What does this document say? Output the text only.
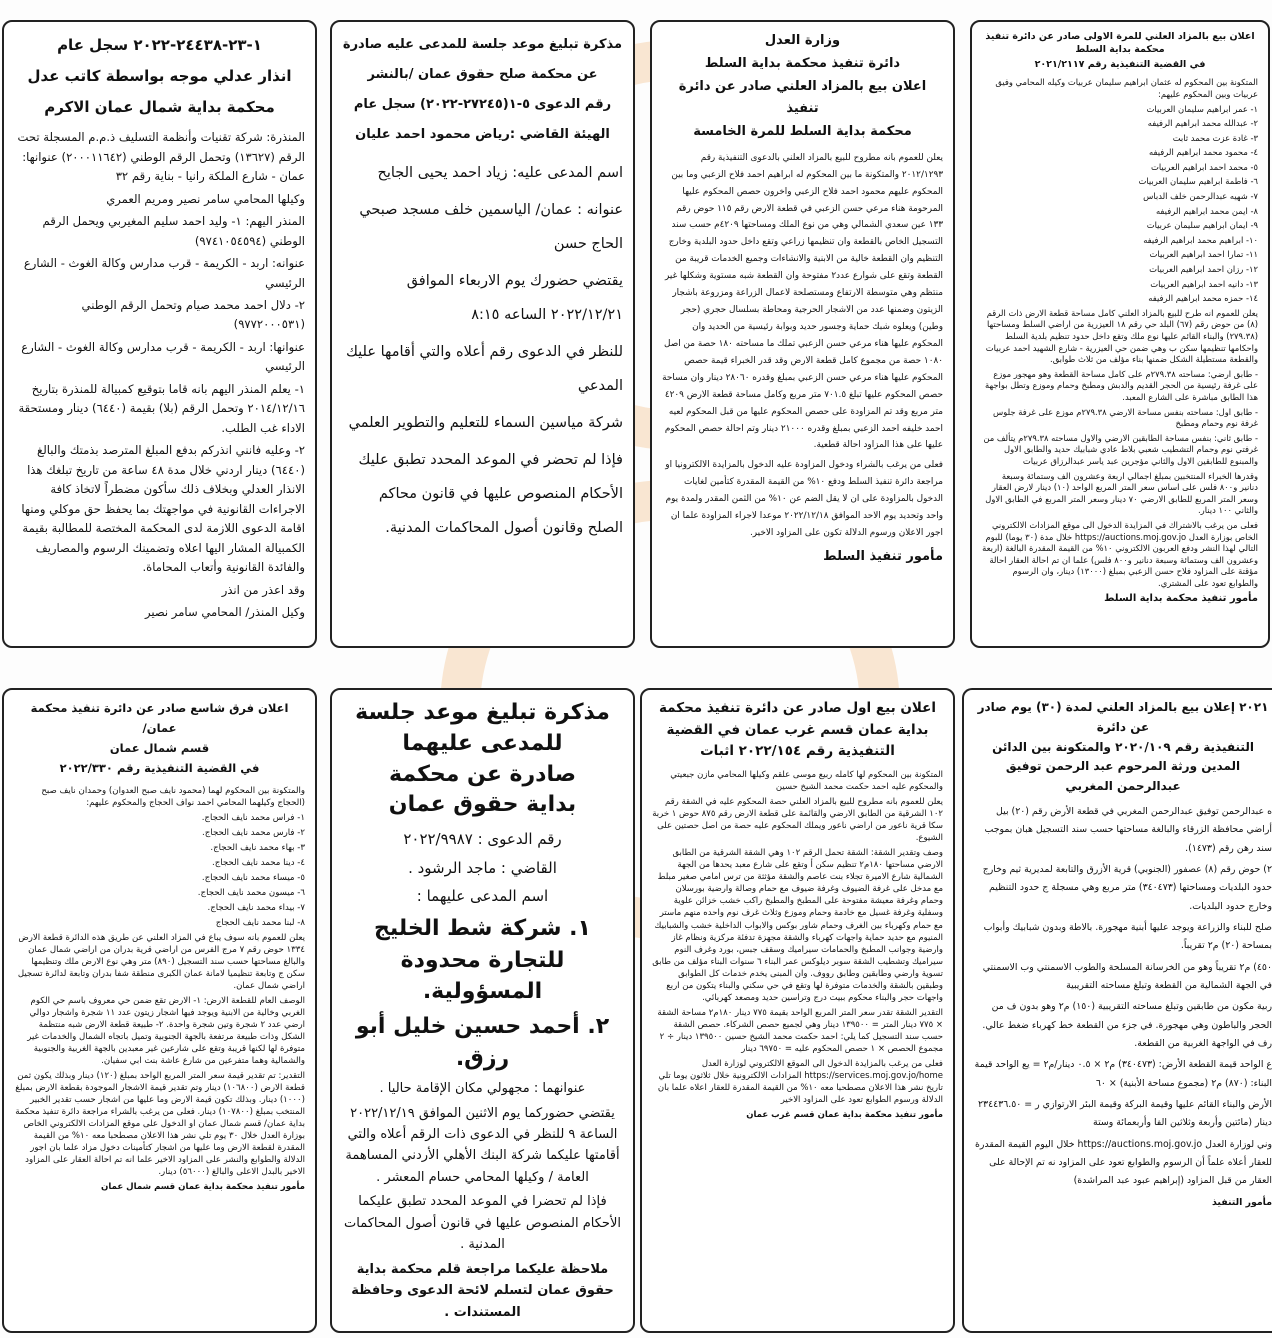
اعلان بيع بالمزاد العلني للمرة الاولى صادر عن دائرة تنفيذ محكمة بداية السلط
في القضية التنفيذية رقم ٢٠٢١/٢١١٧

المتكونة بين المحكوم له عثمان ابراهيم سليمان عربيات وكيله المحامي وفيق عربيات وبين المحكوم عليهم:

١- عمر ابراهيم سليمان العربيات
٢- عبدالله محمد ابراهيم الرفيفه
٣- غادة عزت محمد ثابت
٤- محمود محمد ابراهيم الرفيفه
٥- محمد احمد ابراهيم العربيات
٦- فاطمة ابراهيم سليمان العربيات
٧- شهيه عبدالرحمن خلف الدباس
٨- ايمن محمد ابراهيم الرفيفه
٩- ايمان ابراهيم سليمان عربيات
١٠- ابراهيم محمد ابراهيم الرفيفه
١١- تمارا احمد ابراهيم العربيات
١٢- رزان احمد ابراهيم العربيات
١٣- دانيه احمد ابراهيم العربيات
١٤- حمزه محمد ابراهيم الرفيفه

يعلن للعموم انه طرح للبيع بالمزاد العلني كامل مساحة قطعة الارض ذات الرقم (٨) من حوض رقم (٦٧) البلد حي رقم ١٨ العيزرية من اراضي السلط ومساحتها (٢٧٩.٣٨) والبناء القائم عليها نوع ملك وتقع داخل حدود تنظيم بلدية السلط واحكامها تنظيمها سكن ب وهي ضمن حي العيزرية - شارع الشهيد احمد عربيات والقطعة مستطيلة الشكل ضمنها بناء مؤلف من ثلاث طوابق.

- طابق ارضي: مساحته ٢٧٩.٣٨م على كامل مساحة القطعة وهو مهجور موزع على غرفة رئيسية من الحجر القديم والدبش ومطبخ وحمام وموزع وتطل بواجهة هذا الطابق مباشرة على الشارع المعبد.
- طابق اول: مساحته بنفس مساحة الارضي ٢٧٩.٣٨م موزع على غرفة جلوس غرفة نوم وحمام ومطبخ
- طابق ثاني: بنفس مساحة الطابقين الارضي والاول مساحته ٢٧٩.٣٨م يتألف من غرفتي نوم وحمام التشطيب شعبي بلاط عادي شبابيك حديد والطابق الاول والمبنوع للطابقين الاول والثاني مؤجرين عبد ياسر عبدالرزاق عربيات

وقدرها الخبراء المنتخبين بمبلغ اجمالي اربعة وعشرون الف وستمائة وسبعة دنانير و٨٠٠ فلس على اساس سعر المتر المربع الواحد (١٠) دينار لارض العقار وسعر المتر المربع للطابق الارضي ٧٠ دينار وسعر المتر المربع في الطابق الاول والثاني ١٠٠ دينار.

فعلى من يرغب بالاشتراك في المزايدة الدخول الى موقع المزادات الالكتروني الخاص بوزارة العدل https://auctions.moj.gov.jo خلال مدة (٣٠ يوما) للبوم التالي لهذا النشر ودفع العربون الالكتروني ١٠% من القيمة المقدرة البالغة (اربعة وعشرون الف وستمائة وسبعة دنانير و٨٠٠ فلس) علما ان تم احالة العقار احالة مؤقتة على المزاود فلاح حسن الزعبي بمبلغ (١٣٠٠٠) دينار، وان الرسوم والطوابع تعود على المشتري.

مأمور تنفيذ محكمة بداية السلط
وزارة العدل
دائرة تنفيذ محكمة بداية السلط
اعلان بيع بالمزاد العلني صادر عن دائرة تنفيذ
محكمة بداية السلط للمرة الخامسة

يعلن للعموم بانه مطروح للبيع بالمزاد العلني بالدعوى التنفيذية رقم ٢٠١٢/١٢٩٣ والمتكونة ما بين المحكوم له ابراهيم احمد فلاح الزعبي وما بين المحكوم عليهم محمود احمد فلاح الزعبي واخرون حصص المحكوم عليها المرحومة هناء مرعي حسن الزعبي في قطعة الارض رقم ١١٥ حوض رقم ١٣٣ عين سعدي الشمالي وهي من نوع الملك ومساحتها ٤٢٠٩م حسب سند التسجيل الخاص بالقطعة وان تنظيمها زراعي وتقع داخل حدود البلدية وخارج التنظيم وان القطعة خالية من الابنية والانشاءات وجميع الخدمات قريبة من القطعة وتقع على شوارع عدد٢ مفتوحة وان القطعة شبه مستوية وشكلها غير منتظم وهي متوسطة الارتفاع ومستصلحة لاعمال الزراعة ومزروعة باشجار الزيتون وضمنها عدد من الاشجار الحرجية ومحاطة بسلسال حجري (حجر وطين) ويعلوه شبك حماية وجسور حديد وبوابة رئيسية من الحديد وان المحكوم عليها هناء مرعي حسن الزعبي تملك ما مساحته ١٨٠ حصة من اصل ١٠٨٠ حصة من مجموع كامل قطعة الارض وقد قدر الخبراء قيمة حصص المحكوم عليها هناء مرعي حسن الزعبي بمبلغ وقدره ٢٨٠٦٠ دينار وان مساحة حصص المحكوم عليها تبلغ ٧٠١.٥ متر مربع وكامل مساحة قطعة الارض ٤٢٠٩ متر مربع وقد تم المزاودة على حصص المحكوم عليها من قبل المحكوم لعيه احمد خليفه احمد الزعبي بمبلغ وقدره ٢١٠٠٠ دينار وتم احالة حصص المحكوم عليها على هذا المزاود احالة قطعية.

فعلى من يرغب بالشراء ودخول المزاودة عليه الدخول بالمزايدة الالكترونيا او مراجعة دائرة تنفيذ السلط ودفع ١٠% من القيمة المقدرة كتأمين لغايات الدخول بالمزاودة على ان لا يقل الضم عن ١٠% من الثمن المقدر ولمدة يوم واحد وتحديد يوم الاحد الموافق ٢٠٢٢/١٢/١٨ موعدا لاجراء المزاودة علما ان اجور الاعلان ورسوم الدلالة تكون على المزاود الاخير.

مأمور تنفيذ السلط
مذكرة تبليغ موعد جلسة للمدعى عليه صادرة
عن محكمة صلح حقوق عمان /بالنشر
رقم الدعوى ٥-١(٢٧٢٤٥-٢٠٢٢) سجل عام
الهيئة القاضي :رياض محمود احمد عليان

اسم المدعى عليه: زياد احمد يحيى الجايح

عنوانه : عمان/ الياسمين خلف مسجد صبحي الحاج حسن

يقتضي حضورك يوم الاربعاء الموافق ٢٠٢٢/١٢/٢١ الساعه ٨:١٥

للنظر في الدعوى رقم أعلاه والتي أقامها عليك المدعي

شركة مياسين السماء للتعليم والتطوير العلمي

فإذا لم تحضر في الموعد المحدد تطبق عليك الأحكام المنصوص عليها في قانون محاكم الصلح وقانون أصول المحاكمات المدنية.

١-٢٣-٢٤٤٣٨-٢٠٢٢ سجل عام
انذار عدلي موجه بواسطة كاتب عدل
محكمة بداية شمال عمان الاكرم

المنذرة: شركة تقنيات وأنظمة التسليف ذ.م.م المسجلة تحت الرقم (١٣٦٢٧) وتحمل الرقم الوطني (٢٠٠٠١١٦٤٢) عنوانها: عمان - شارع الملكة رانيا - بناية رقم ٣٢

وكيلها المحامي سامر نصير ومريم العمري

المنذر اليهم: ١- وليد احمد سليم المغيربي ويحمل الرقم الوطني (٩٧٤١٠٥٤٥٩٤)

عنوانه: اربد - الكريمة - قرب مدارس وكالة الغوث - الشارع الرئيسي

٢- دلال احمد محمد صيام وتحمل الرقم الوطني (٩٧٧٢٠٠٠٥٣١)

عنوانها: اربد - الكريمة - قرب مدارس وكالة الغوث - الشارع الرئيسي

١- يعلم المنذر اليهم بانه قاما بتوقيع كمبيالة للمنذرة بتاريخ ٢٠١٤/١٢/١٦ وتحمل الرقم (بلا) بقيمة (٦٤٤٠) دينار ومستحقة الاداء غب الطلب.

٢- وعليه فانني انذركم بدفع المبلغ المترصد بذمتك والبالغ (٦٤٤٠) دينار اردني خلال مدة ٤٨ ساعة من تاريخ تبلغك هذا الانذار العدلي وبخلاف ذلك سأكون مضطراً لاتخاذ كافة الاجراءات القانونية في مواجهتك بما يحفظ حق موكلي ومنها اقامة الدعوى اللازمة لدى المحكمة المختصة للمطالبة بقيمة الكمبيالة المشار اليها اعلاه وتضمينك الرسوم والمصاريف والفائدة القانونية وأتعاب المحاماة.

وقد اعذر من انذر

وكيل المنذر/ المحامي سامر نصير

اعلان فرق شاسع صادر عن دائرة تنفيذ محكمة عمان/
قسم شمال عمان
في القضية التنفيذية رقم ٢٠٢٢/٣٣٠

والمتكونة بين المحكوم لهما (محمود نايف صبح العدوان) وحمدان نايف صبح (الحجاج وكيلهما المحامي احمد نواف الحجاج والمحكوم عليهم:

١- فراس محمد نايف الحجاج.
٢- فارس محمد نايف الحجاج.
٣- بهاء محمد نايف الحجاج.
٤- دينا محمد نايف الحجاج.
٥- ميساء محمد نايف الحجاج.
٦- ميسون محمد نايف الحجاج.
٧- بيداء محمد نايف الحجاج.
٨- لبنا محمد نايف الحجاج

يعلن للعموم بانه سوف يباع في المزاد العلني عن طريق هذه الدائرة قطعة الارض ١٣٣٤ حوض رقم ٧ مرج الفرس من اراضي قرية بدران من اراضي شمال عمان والبالغ مساحتها حسب سند التسجيل (٨٩٠) متر وهي نوع الارض ملك وتنظيمها سكن ج وتابعة تنظيميا لامانة عمان الكبرى منطقة شفا بدران وتابعة لدائرة تسجيل اراضي شمال عمان.

الوصف العام للقطعة الارض: ١- الارض تقع ضمن حي معروف باسم حي الكوم الغربي وخالية من الابنية ويوجد فيها اشجار زيتون عدد ١١ شجرة واشجار دوالي ارضي عدد ٢ شجرة وتين شجرة واحدة. ٢- طبيعة قطعة الارض شبه منتظمة الشكل وذات طبيعة مرتفعة بالجهة الجنوبية وتميل باتجاه الشمال والخدمات غير متوفرة لها لكنها قريبة وتقع على شارعين غير معبدين بالجهة الغربية والجنوبية والشمالية وهما متفرعين من شارع عاشة بنت ابي سفيان.

التقدير: تم تقدير قيمة سعر المتر المربع الواحد بمبلغ (١٢٠) دينار وبذلك يكون ثمن قطعة الارض (١٠٦٨٠٠) دينار وتم تقدير قيمة الاشجار الموجودة بقطعة الارض بمبلغ (١٠٠٠) دينار. وبذلك تكون قيمة الارض وما عليها من اشجار حسب تقدير الخبير المنتخب بمبلغ (١٠٧٨٠٠) دينار. فعلى من يرغب بالشراء مراجعة دائرة تنفيذ محكمة بداية عمان/ قسم شمال عمان او الدخول على موقع المزادات الالكتروني الخاص بوزارة العدل خلال ٣٠ يوم تلي نشر هذا الاعلان مصطحبا معه ١٠% من القيمة المقدرة لقطعة الارض وما عليها من اشجار كتأمينات دخول مزاد علما بان اجور الدلالة والطوابع والنشر على المزاود الاخير علما انه تم احالة العقار على المزاود الاخير بالبدل الاعلى والبالغ (٥٦٠٠٠) دينار.

مأمور تنفيذ محكمة بداية عمان قسم شمال عمان
مذكرة تبليغ موعد جلسة
للمدعى عليهما
صادرة عن محكمة
بداية حقوق عمان
رقم الدعوى : ٢٠٢٢/٩٩٨٧
القاضي : ماجد الرشود .
اسم المدعى عليهما :
١. شركة شط الخليج للتجارة محدودة المسؤولية.
٢. أحمد حسين خليل أبو رزق.
عنوانهما : مجهولي مكان الإقامة حاليا .
يقتضي حضوركما يوم الاثنين الموافق ٢٠٢٢/١٢/١٩ الساعة ٩ للنظر في الدعوى ذات الرقم أعلاه والتي أقامتها عليكما شركة البنك الأهلي الأردني المساهمة العامة / وكيلها المحامي حسام المعشر .
فإذا لم تحضرا في الموعد المحدد تطبق عليكما الأحكام المنصوص عليها في قانون أصول المحاكمات المدنية .
ملاحظة عليكما مراجعة قلم محكمة بداية حقوق عمان لتسلم لائحة الدعوى وحافظة المستندات .
اعلان بيع اول صادر عن دائرة تنفيذ محكمة
بداية عمان قسم غرب عمان في القضية
التنفيذية رقم ٢٠٢٢/١٥٤ اثبات

المتكونة بين المحكوم لها كامله ربيع موسى علقم وكيلها المحامي مازن جبعيتي والمحكوم عليه احمد حكمت محمد الشيخ حسين

يعلن للعموم بانه مطروح للبيع بالمزاد العلني حصة المحكوم عليه في الشقة رقم ١٠٢ الشرقية من الطابق الارضي والقائمة على قطعة الارض رقم ٨٧٥ حوض ١ خربة سكا قرية ناعور من اراضي ناعور ويملك المحكوم عليه حصة من اصل حصتين على الشيوع.

وصف وتقدير الشقة: الشقة تحمل الرقم ١٠٢ وهي الشقة الشرقية من الطابق الارضي مساحتها ١٨٠م٢ تنظيم سكن أ وتقع على شارع معبد يحدها من الجهة الشمالية شارع الاميرة تجلاء بنت عاصم والشقة مؤثثة من ترس امامي صغير مبلط مع مدخل على غرفة الضيوف وغرفة ضيوف مع حمام وصالة وارضية بورسلان وحمام وغرفة معيشة مفتوحة على المطبخ والمطبخ راكب خشب خزائن علوية وسفلية وغرفة غسيل مع خادمة وحمام وموزع وثلاث غرف نوم واحده منهم ماستر مع حمام وكهرباء بين الغرف وحمام شاور بوكس والابواب الداخلية خشب والشبابيك المنيوم مع حديد حماية واجهات كهرباء والشقة مجهزة تدفئة مركزية ونظام غاز وارضية وجوانب المطبخ والحمامات سيراميك وسقف جبس، بورد وغرف النوم سيراميك وتشطيب الشقة سوبر ديلوكس عمر البناء ٦ سنوات البناء مؤلف من طابق تسوية وارضي وطابقين وطابق رووف. وان المبنى يخدم خدمات كل الطوابق وطبقين بالشقة والخدمات متوفرة لها وتقع في حي سكني والبناء يتكون من اربع واجهات حجر والبناء محكوم ببيت درج وتراسين حديد ومصعد كهربائي.

التقدير الشقة تقدر سعر المتر المربع الواحد بقيمة ٧٧٥ دينار ١٨٠م٢ مساحة الشقة × ٧٧٥ دينار المتر = ١٣٩٥٠٠ دينار وهي لجميع حصص الشركاء. حصص الشقة حسب سند التسجيل كما يلي: احمد حكمت محمد الشيخ حسين ١٣٩٥٠٠ دينار ÷ ٢ مجموع الحصص × ١ حصص المحكوم عليه = ٦٩٧٥٠ دينار

فعلى من يرغب بالمزايدة الدخول الى الموقع الالكتروني لوزارة العدل https://services.moj.gov.jo/home المزادات الالكترونية خلال ثلاثون يوما تلي تاريخ نشر هذا الاعلان مصطحبا معه ١٠% من القيمة المقدرة للعقار اعلاه علما بان الدلالة ورسوم الطوابع تعود على المزاود الاخير

مأمور تنفيذ محكمة بداية عمان قسم غرب عمان
٢٠٢١ إعلان بيع بالمزاد العلني لمدة (٣٠) يوم صادر عن دائرة
التنفيذية رقم ٢٠٢٠/١٠٩ والمتكونة بين الدائن
المدين ورثة المرحوم عبد الرحمن توفيق عبدالرحمن المغربي

ه عبدالرحمن توفيق عبدالرحمن المغربي في قطعة الأرض رقم (٢٠) بيل أراضي محافظة الزرقاء والبالغة مساحتها حسب سند التسجيل هبان بموجب سند رهن رقم (١٤٧٣).

٢) حوض رقم (٨) عصفور (الجنوبي) قرية الأزرق والتابعة لمديرية ثيم وخارج حدود البلديات ومساحتها (٣٤٠٤٧٣) متر مربع وهي مسجلة ج حدود التنظيم وخارج حدود البلديات.

صلح للبناء والزراعة ويوجد عليها أبنية مهجورة. بالاطة وبدون شبابيك وأبواب بمساحة (٢٠) م٢ تقريباً.

٤٥٠) م٢ تقريباً وهو من الخرسانة المسلحة والطوب الاسمنتي وب الاسمنتي في الجهة الشمالية من القطعة وتبلغ مساحته التقريبية

ربية مكون من طابقين وتبلغ مساحته التقريبية (١٥٠) م٢ وهو بدون ف من الحجر والباطون وهي مهجورة. في جزء من القطعة خط كهرباء ضغط عالي. رف في الواجهة الغربية من القطعة.

ع الواحد قيمة القطعة الأرض: (٣٤٠٤٧٣) م٢ × ٠.٥ دينار/م٢ = يع الواحد قيمة البناء: (٨٧٠) م٢ (مجموع مساحة الأبنية) × ٦٠

الأرض والبناء القائم عليها وقيمة البركة وقيمة البئر الارتوازي ر = ٢٣٤٤٣٦.٥٠ دينار (مائتين وأربعة وثلاثين الفا وأربعمائة وستة

وني لوزارة العدل https://auctions.moj.gov.jo خلال اليوم القيمة المقدرة للعقار أعلاه علماً أن الرسوم والطوابع تعود على المزاود نه تم الإحالة على العقار من قبل المزاود (إبراهيم عبود عبد المراشدة)

مأمور التنفيذ
